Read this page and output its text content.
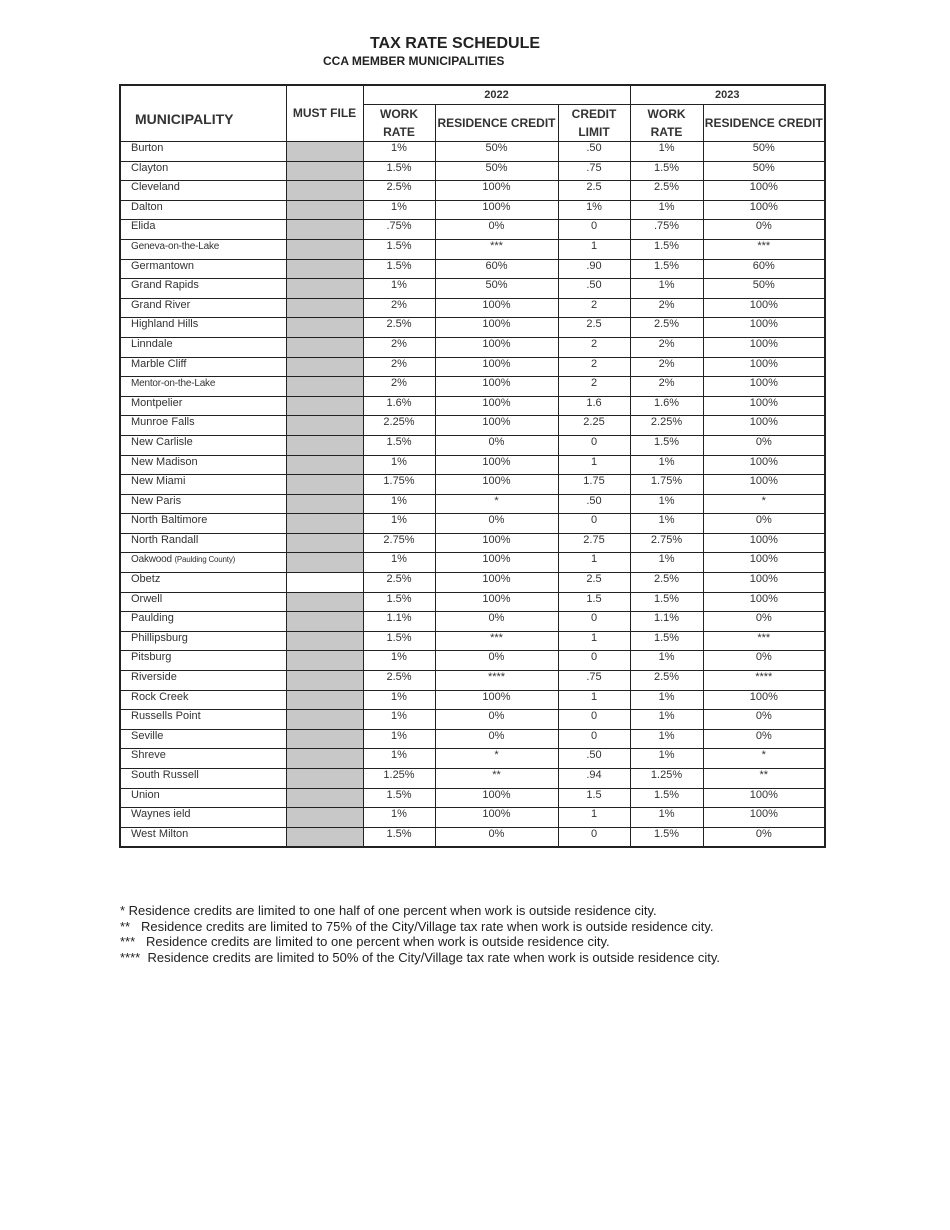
TAX RATE SCHEDULE
CCA MEMBER MUNICIPALITIES
MUNICIPALITY	MUST FILE	2022			2023	
		WORK RATE	RESIDENCE CREDIT	CREDIT LIMIT	WORK RATE	RESIDENCE CREDIT
Burton		1%	50%	.50	1%	50%
Clayton		1.5%	50%	.75	1.5%	50%
Cleveland		2.5%	100%	2.5	2.5%	100%
Dalton		1%	100%	1%	1%	100%
Elida		.75%	0%	0	.75%	0%
Geneva-on-the-Lake		1.5%	***	1	1.5%	***
Germantown		1.5%	60%	.90	1.5%	60%
Grand Rapids		1%	50%	.50	1%	50%
Grand River		2%	100%	2	2%	100%
Highland Hills		2.5%	100%	2.5	2.5%	100%
Linndale		2%	100%	2	2%	100%
Marble Cliff		2%	100%	2	2%	100%
Mentor-on-the-Lake		2%	100%	2	2%	100%
Montpelier		1.6%	100%	1.6	1.6%	100%
Munroe Falls		2.25%	100%	2.25	2.25%	100%
New Carlisle		1.5%	0%	0	1.5%	0%
New Madison		1%	100%	1	1%	100%
New Miami		1.75%	100%	1.75	1.75%	100%
New Paris		1%	*	.50	1%	*
North Baltimore		1%	0%	0	1%	0%
North Randall		2.75%	100%	2.75	2.75%	100%
Oakwood (Paulding County)		1%	100%	1	1%	100%
Obetz		2.5%	100%	2.5	2.5%	100%
Orwell		1.5%	100%	1.5	1.5%	100%
Paulding		1.1%	0%	0	1.1%	0%
Phillipsburg		1.5%	***	1	1.5%	***
Pitsburg		1%	0%	0	1%	0%
Riverside		2.5%	****	.75	2.5%	****
Rock Creek		1%	100%	1	1%	100%
Russells Point		1%	0%	0	1%	0%
Seville		1%	0%	0	1%	0%
Shreve		1%	*	.50	1%	*
South Russell		1.25%	**	.94	1.25%	**
Union		1.5%	100%	1.5	1.5%	100%
Waynes ield		1%	100%	1	1%	100%
West Milton		1.5%	0%	0	1.5%	0%
* Residence credits are limited to one half of one percent when work is outside residence city.
**   Residence credits are limited to 75% of the City/Village tax rate when work is outside residence city.
***   Residence credits are limited to one percent when work is outside residence city.
****  Residence credits are limited to 50% of the City/Village tax rate when work is outside residence city.
